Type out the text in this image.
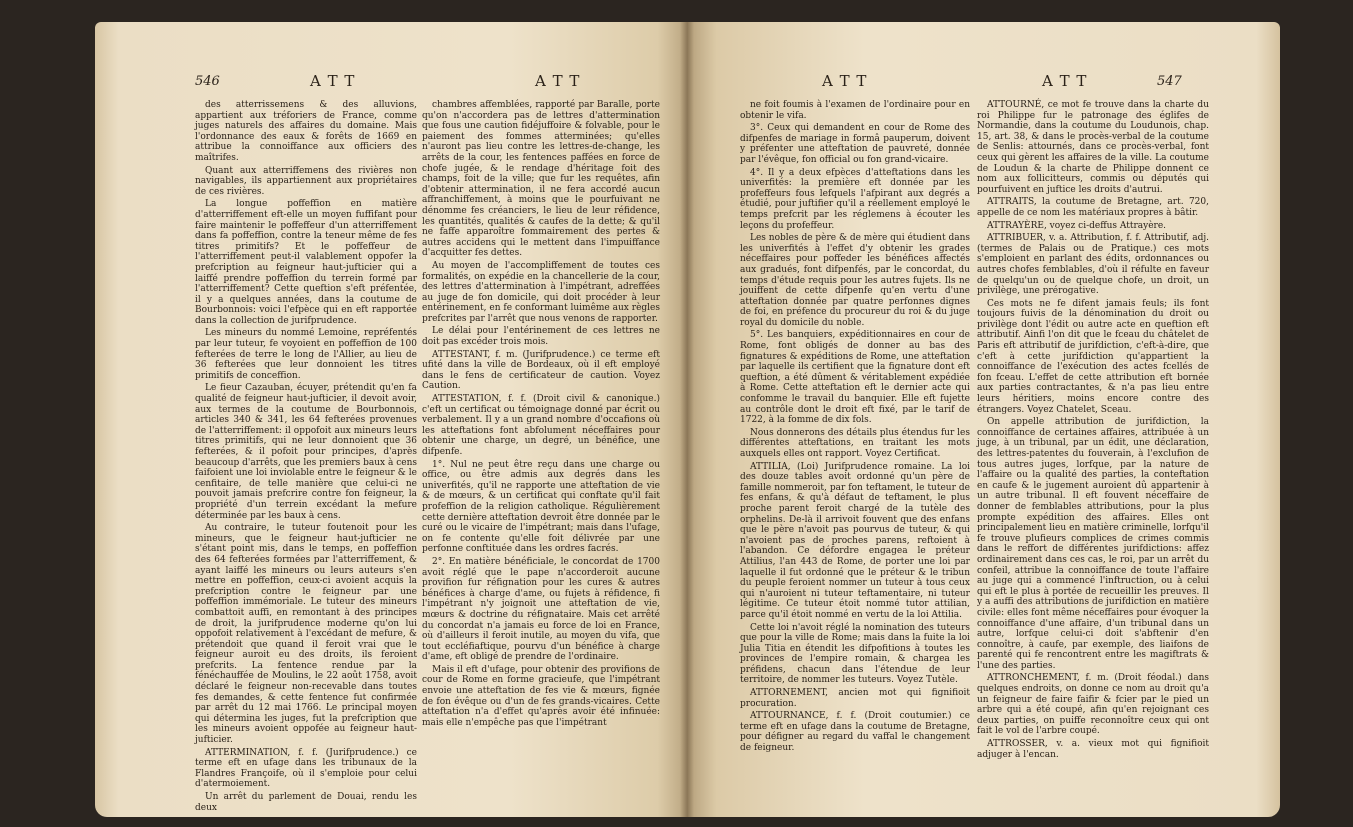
546	A T T	A T T

des atterrissemens & des alluvions, appartient aux tréforiers de France, comme juges naturels des affaires du domaine. Mais l'ordonnance des eaux & forêts de 1669 en attribue la connoiffance aux officiers des maîtrifes.

Quant aux atterriffemens des rivières non navigables, ils appartiennent aux propriétaires de ces rivières.

La longue poffeffion en matière d'atterriffement eft-elle un moyen fuffifant pour faire maintenir le poffeffeur d'un atterriffement dans fa poffeffion, contre la teneur même de fes titres primitifs? Et le poffeffeur de l'atterriffement peut-il valablement oppofer la prefcription au feigneur haut-jufticier qui a laiffé prendre poffeffion du terrein formé par l'atterriffement? Cette queftion s'eft préfentée, il y a quelques années, dans la coutume de Bourbonnois: voici l'efpèce qui en eft rapportée dans la collection de jurifprudence.

Les mineurs du nommé Lemoine, repréfentés par leur tuteur, fe voyoient en poffeffion de 100 fefterées de terre le long de l'Allier, au lieu de 36 fefterées que leur donnoient les titres primitifs de conceffion.

Le fieur Cazauban, écuyer, prétendit qu'en fa qualité de feigneur haut-jufticier, il devoit avoir, aux termes de la coutume de Bourbonnois, articles 340 & 341, les 64 fefterées provenues de l'atterriffement: il oppofoit aux mineurs leurs titres primitifs, qui ne leur donnoient que 36 fefterées, & il pofoit pour principes, d'après beaucoup d'arrêts, que les premiers baux à cens faifoient une loi inviolable entre le feigneur & le cenfitaire, de telle manière que celui-ci ne pouvoit jamais prefcrire contre fon feigneur, la propriété d'un terrein excédant la mefure déterminée par les baux à cens.

Au contraire, le tuteur foutenoit pour les mineurs, que le feigneur haut-jufticier ne s'étant point mis, dans le temps, en poffeffion des 64 fefterées formées par l'atterriffement, & ayant laiffé les mineurs ou leurs auteurs s'en mettre en poffeffion, ceux-ci avoient acquis la prefcription contre le feigneur par une poffeffion immémoriale. Le tuteur des mineurs combattoit auffi, en remontant à des principes de droit, la jurifprudence moderne qu'on lui oppofoit relativement à l'excédant de mefure, & prétendoit que quand il feroit vrai que le feigneur auroit eu des droits, ils feroient prefcrits. La fentence rendue par la fénéchauffée de Moulins, le 22 août 1758, avoit déclaré le feigneur non-recevable dans toutes fes demandes, & cette fentence fut confirmée par arrêt du 12 mai 1766. Le principal moyen qui détermina les juges, fut la prefcription que les mineurs avoient oppofée au feigneur haut-jufticier.

ATTERMINATION, f. f. (Jurifprudence.) ce terme eft en ufage dans les tribunaux de la Flandres Françoife, où il s'emploie pour celui d'atermoiement.

Un arrêt du parlement de Douai, rendu les deux

chambres affemblées, rapporté par Baralle, porte qu'on n'accordera pas de lettres d'attermination que fous une caution fidéjuffoire & folvable, pour le paiement des fommes atterminées; qu'elles n'auront pas lieu contre les lettres-de-change, les arrêts de la cour, les fentences paffées en force de chofe jugée, & le rendage d'héritage foit des champs, foit de la ville; que fur les requêtes, afin d'obtenir attermination, il ne fera accordé aucun affranchiffement, à moins que le pourfuivant ne dénomme fes créanciers, le lieu de leur réfidence, les quantités, qualités & caufes de la dette; & qu'il ne faffe apparoître fommairement des pertes & autres accidens qui le mettent dans l'impuiffance d'acquitter fes dettes.

Au moyen de l'accompliffement de toutes ces formalités, on expédie en la chancellerie de la cour, des lettres d'attermination à l'impétrant, adreffées au juge de fon domicile, qui doit procéder à leur entérinement, en fe conformant luimême aux règles prefcrites par l'arrêt que nous venons de rapporter.

Le délai pour l'entérinement de ces lettres ne doit pas excéder trois mois.

ATTESTANT, f. m. (Jurifprudence.) ce terme eft ufité dans la ville de Bordeaux, où il eft employé dans le fens de certificateur de caution. Voyez Caution.

ATTESTATION, f. f. (Droit civil & canonique.) c'eft un certificat ou témoignage donné par écrit ou verbalement. Il y a un grand nombre d'occafions où les atteftations font abfolument néceffaires pour obtenir une charge, un degré, un bénéfice, une difpenfe.

1°. Nul ne peut être reçu dans une charge ou office, ou être admis aux degrés dans les univerfités, qu'il ne rapporte une atteftation de vie & de mœurs, & un certificat qui conftate qu'il fait profeffion de la religion catholique. Régulièrement cette dernière atteftation devroit être donnée par le curé ou le vicaire de l'impétrant; mais dans l'ufage, on fe contente qu'elle foit délivrée par une perfonne conftituée dans les ordres facrés.

2°. En matière bénéficiale, le concordat de 1700 avoit réglé que le pape n'accorderoit aucune provifion fur réfignation pour les cures & autres bénéfices à charge d'ame, ou fujets à réfidence, fi l'impétrant n'y joignoit une atteftation de vie, mœurs & doctrine du réfignataire. Mais cet arrêté du concordat n'a jamais eu force de loi en France, où d'ailleurs il feroit inutile, au moyen du vifa, que tout eccléfiaftique, pourvu d'un bénéfice à charge d'ame, eft obligé de prendre de l'ordinaire.

Mais il eft d'ufage, pour obtenir des provifions de cour de Rome en forme gracieufe, que l'impétrant envoie une atteftation de fes vie & mœurs, fignée de fon évêque ou d'un de fes grands-vicaires. Cette atteftation n'a d'effet qu'après avoir été infinuée: mais elle n'empêche pas que l'impétrant

A T T	A T T	547

ne foit foumis à l'examen de l'ordinaire pour en obtenir le vifa.

3°. Ceux qui demandent en cour de Rome des difpenfes de mariage in formâ pauperum, doivent y préfenter une atteftation de pauvreté, donnée par l'évêque, fon official ou fon grand-vicaire.

4°. Il y a deux efpèces d'atteftations dans les univerfités: la première eft donnée par les profeffeurs fous lefquels l'afpirant aux degrés a étudié, pour juftifier qu'il a réellement employé le temps prefcrit par les réglemens à écouter les leçons du profeffeur.

Les nobles de père & de mère qui étudient dans les univerfités à l'effet d'y obtenir les grades néceffaires pour poffeder les bénéfices affectés aux gradués, font difpenfés, par le concordat, du temps d'étude requis pour les autres fujets. Ils ne jouiffent de cette difpenfe qu'en vertu d'une atteftation donnée par quatre perfonnes dignes de foi, en préfence du procureur du roi & du juge royal du domicile du noble.

5°. Les banquiers, expéditionnaires en cour de Rome, font obligés de donner au bas des fignatures & expéditions de Rome, une atteftation par laquelle ils certifient que la fignature dont eft queftion, a été dûment & véritablement expédiée à Rome. Cette atteftation eft le dernier acte qui confomme le travail du banquier. Elle eft fujette au contrôle dont le droit eft fixé, par le tarif de 1722, à la fomme de dix fols.

Nous donnerons des détails plus étendus fur les différentes atteftations, en traitant les mots auxquels elles ont rapport. Voyez Certificat.

ATTILIA, (Loi) Jurifprudence romaine. La loi des douze tables avoit ordonné qu'un père de famille nommeroit, par fon teftament, le tuteur de fes enfans, & qu'à défaut de teftament, le plus proche parent feroit chargé de la tutèle des orphelins. De-là il arrivoit fouvent que des enfans que le père n'avoit pas pourvus de tuteur, & qui n'avoient pas de proches parens, reftoient à l'abandon. Ce défordre engagea le préteur Attilius, l'an 443 de Rome, de porter une loi par laquelle il fut ordonné que le préteur & le tribun du peuple feroient nommer un tuteur à tous ceux qui n'auroient ni tuteur teftamentaire, ni tuteur légitime. Ce tuteur étoit nommé tutor attilian, parce qu'il étoit nommé en vertu de la loi Attilia.

Cette loi n'avoit réglé la nomination des tuteurs que pour la ville de Rome; mais dans la fuite la loi Julia Titia en étendit les difpofitions à toutes les provinces de l'empire romain, & chargea les préfidens, chacun dans l'étendue de leur territoire, de nommer les tuteurs. Voyez Tutèle.

ATTORNEMENT, ancien mot qui fignifioit procuration.

ATTOURNANCE, f. f. (Droit coutumier.) ce terme eft en ufage dans la coutume de Bretagne, pour défigner au regard du vaffal le changement de feigneur.

ATTOURNÉ, ce mot fe trouve dans la charte du roi Philippe fur le patronage des églifes de Normandie, dans la coutume du Loudunois, chap. 15, art. 38, & dans le procès-verbal de la coutume de Senlis: attournés, dans ce procès-verbal, font ceux qui gèrent les affaires de la ville. La coutume de Loudun & la charte de Philippe donnent ce nom aux follicitteurs, commis ou députés qui pourfuivent en juftice les droits d'autrui.

ATTRAITS, la coutume de Bretagne, art. 720, appelle de ce nom les matériaux propres à bâtir.

ATTRAYÈRE, voyez ci-deffus Attrayère.

ATTRIBUER, v. a. Attribution, f. f. Attributif, adj. (termes de Palais ou de Pratique.) ces mots s'emploient en parlant des édits, ordonnances ou autres chofes femblables, d'où il réfulte en faveur de quelqu'un ou de quelque chofe, un droit, un privilège, une prérogative.

Ces mots ne fe difent jamais feuls; ils font toujours fuivis de la dénomination du droit ou privilège dont l'édit ou autre acte en queftion eft attributif. Ainfi l'on dit que le fceau du châtelet de Paris eft attributif de jurifdiction, c'eft-à-dire, que c'eft à cette jurifdiction qu'appartient la connoiffance de l'exécution des actes fcellés de fon fceau. L'effet de cette attribution eft bornée aux parties contractantes, & n'a pas lieu entre leurs héritiers, moins encore contre des étrangers. Voyez Chatelet, Sceau.

On appelle attribution de jurifdiction, la connoiffance de certaines affaires, attribuée à un juge, à un tribunal, par un édit, une déclaration, des lettres-patentes du fouverain, à l'exclufion de tous autres juges, lorfque, par la nature de l'affaire ou la qualité des parties, la conteftation en caufe & le jugement auroient dû appartenir à un autre tribunal. Il eft fouvent néceffaire de donner de femblables attributions, pour la plus prompte expédition des affaires. Elles ont principalement lieu en matière criminelle, lorfqu'il fe trouve plufieurs complices de crimes commis dans le reffort de différentes jurifdictions: affez ordinairement dans ces cas, le roi, par un arrêt du confeil, attribue la connoiffance de toute l'affaire au juge qui a commencé l'inftruction, ou à celui qui eft le plus à portée de recueillir les preuves. Il y a auffi des attributions de jurifdiction en matière civile: elles font même néceffaires pour évoquer la connoiffance d'une affaire, d'un tribunal dans un autre, lorfque celui-ci doit s'abftenir d'en connoître, à caufe, par exemple, des liaifons de parenté qui fe rencontrent entre les magiftrats & l'une des parties.

ATTRONCHEMENT, f. m. (Droit féodal.) dans quelques endroits, on donne ce nom au droit qu'a un feigneur de faire faifir & fcier par le pied un arbre qui a été coupé, afin qu'en rejoignant ces deux parties, on puiffe reconnoître ceux qui ont fait le vol de l'arbre coupé.

ATTROSSER, v. a. vieux mot qui fignifioit adjuger à l'encan.
